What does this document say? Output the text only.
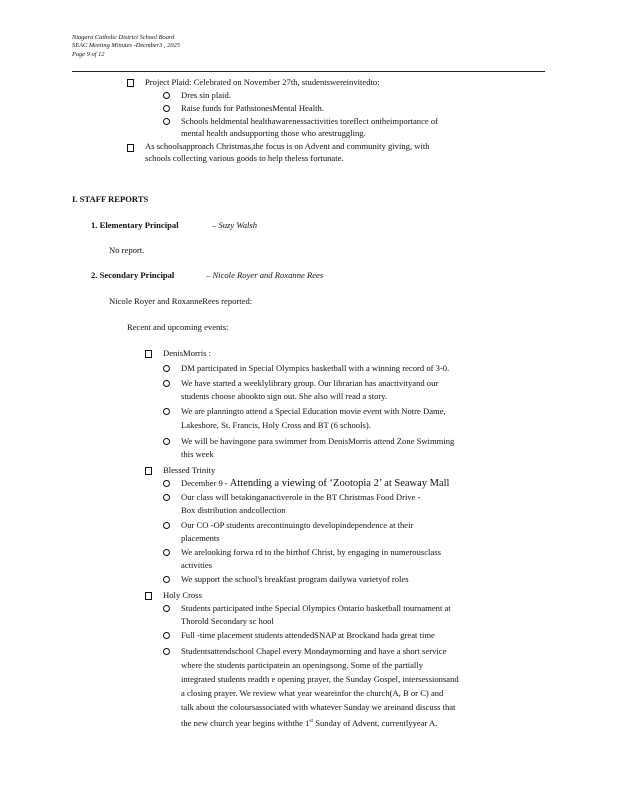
Niagara Catholic District School Board
SEAC Meeting Minutes -Decmber3 , 2025
Page 9 of 12
Project Plaid: Celebrated on November 27th, studentswereinvitedto:
Dres sin plaid.
Raise funds for PathstonesMental Health.
Schools heldmental healthawarenessactivities toreflect ontheimportance of
mental health andsupporting those who arestruggling.
As schoolsapproach Christmas,the focus is on Advent and community giving, with
schools collecting various goods to help theless fortunate.
I. STAFF REPORTS
1. Elementary Principal	– Suzy Walsh
No report.
2. Secondary Principal	– Nicole Royer and Roxanne Rees
Nicole Royer and RoxanneRees reported:
Recent and upcoming events:
DenisMorris :
DM participated in Special Olympics basketball with a winning record of 3-0.
We have started a weeklylibrary group. Our librarian has anactivityand our
students choose abookto sign out. She also will read a story.
We are planningto attend a Special Education movie event with Notre Dame,
Lakeshore, St. Francis, Holy Cross and BT (6 schools).
We will be havingone para swimmer from DenisMorris attend Zone Swimming
this week
Blessed Trinity
December 9 - Attending a viewing of ‘Zootopia 2’ at Seaway Mall
Our class will betakinganactiverole in the BT Christmas Food Drive -
Box distribution andcollection
Our CO -OP students arecontinuingto developindependence at their
placements
We arelooking forwa rd to the birthof Christ, by engaging in numerousclass
activities
We support the school's breakfast program dailywa varietyof roles
Holy Cross
Students participated inthe Special Olympics Ontario basketball tournament at
Thorold Secondary sc hool
Full -time placement students attendedSNAP at Brockand hada great time
Studentsattendschool Chapel every Mondaymorning and have a short service
where the students participatein an openingsong. Some of the partially
integrated students readth e opening prayer, the Sunday Gospel, intersessionsand
a closing prayer. We review what year weareinfor the church(A, B or C) and
talk about the coloursassociated with whatever Sunday we areinand discuss that
the new church year begins withthe 1st Sunday of Advent, currentlyyear A.
